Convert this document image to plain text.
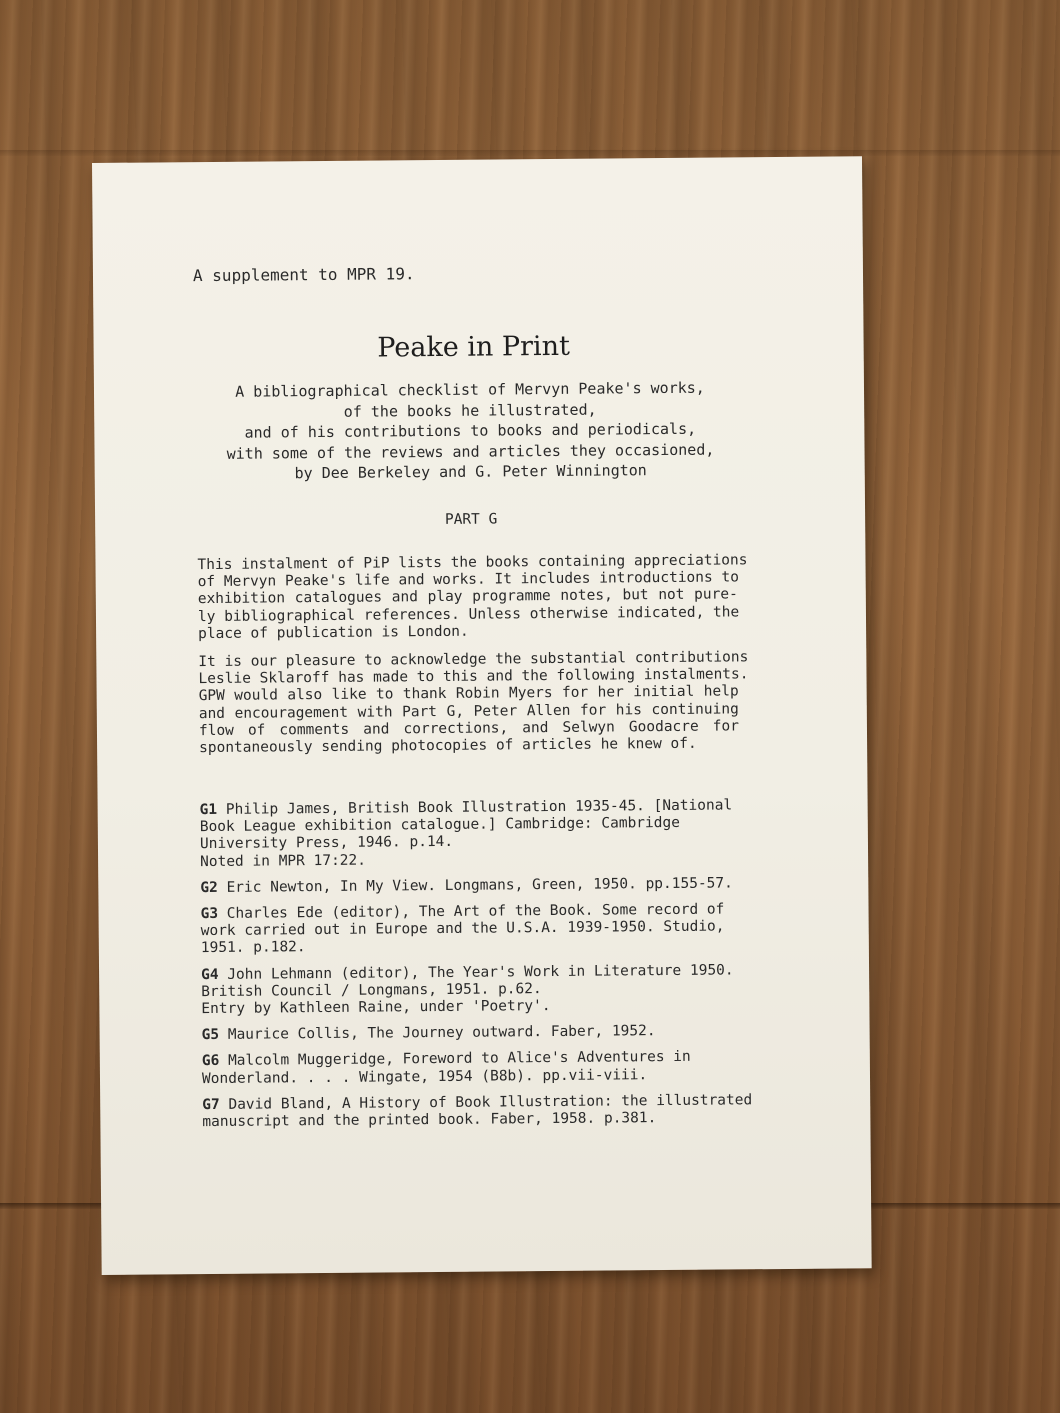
A supplement to MPR 19.
Peake in Print
A bibliographical checklist of Mervyn Peake's works,
of the books he illustrated,
and of his contributions to books and periodicals,
with some of the reviews and articles they occasioned,
by Dee Berkeley and G. Peter Winnington
PART G
This instalment of PiP lists the books containing appreciations
of Mervyn Peake's life and works. It includes introductions to
exhibition catalogues and play programme notes, but not pure-
ly bibliographical references. Unless otherwise indicated, the
place of publication is London.
It is our pleasure to acknowledge the substantial contributions
Leslie Sklaroff has made to this and the following instalments.
GPW would also like to thank Robin Myers for her initial help
and encouragement with Part G, Peter Allen for his continuing
flow of comments and corrections, and Selwyn Goodacre for
spontaneously sending photocopies of articles he knew of.
G1 Philip James, British Book Illustration 1935-45. [National
Book League exhibition catalogue.] Cambridge: Cambridge
University Press, 1946. p.14.
Noted in MPR 17:22.
G2 Eric Newton, In My View. Longmans, Green, 1950. pp.155-57.
G3 Charles Ede (editor), The Art of the Book. Some record of
work carried out in Europe and the U.S.A. 1939-1950. Studio,
1951. p.182.
G4 John Lehmann (editor), The Year's Work in Literature 1950.
British Council / Longmans, 1951. p.62.
Entry by Kathleen Raine, under 'Poetry'.
G5 Maurice Collis, The Journey outward. Faber, 1952.
G6 Malcolm Muggeridge, Foreword to Alice's Adventures in
Wonderland. . . . Wingate, 1954 (B8b). pp.vii-viii.
G7 David Bland, A History of Book Illustration: the illustrated
manuscript and the printed book. Faber, 1958. p.381.
